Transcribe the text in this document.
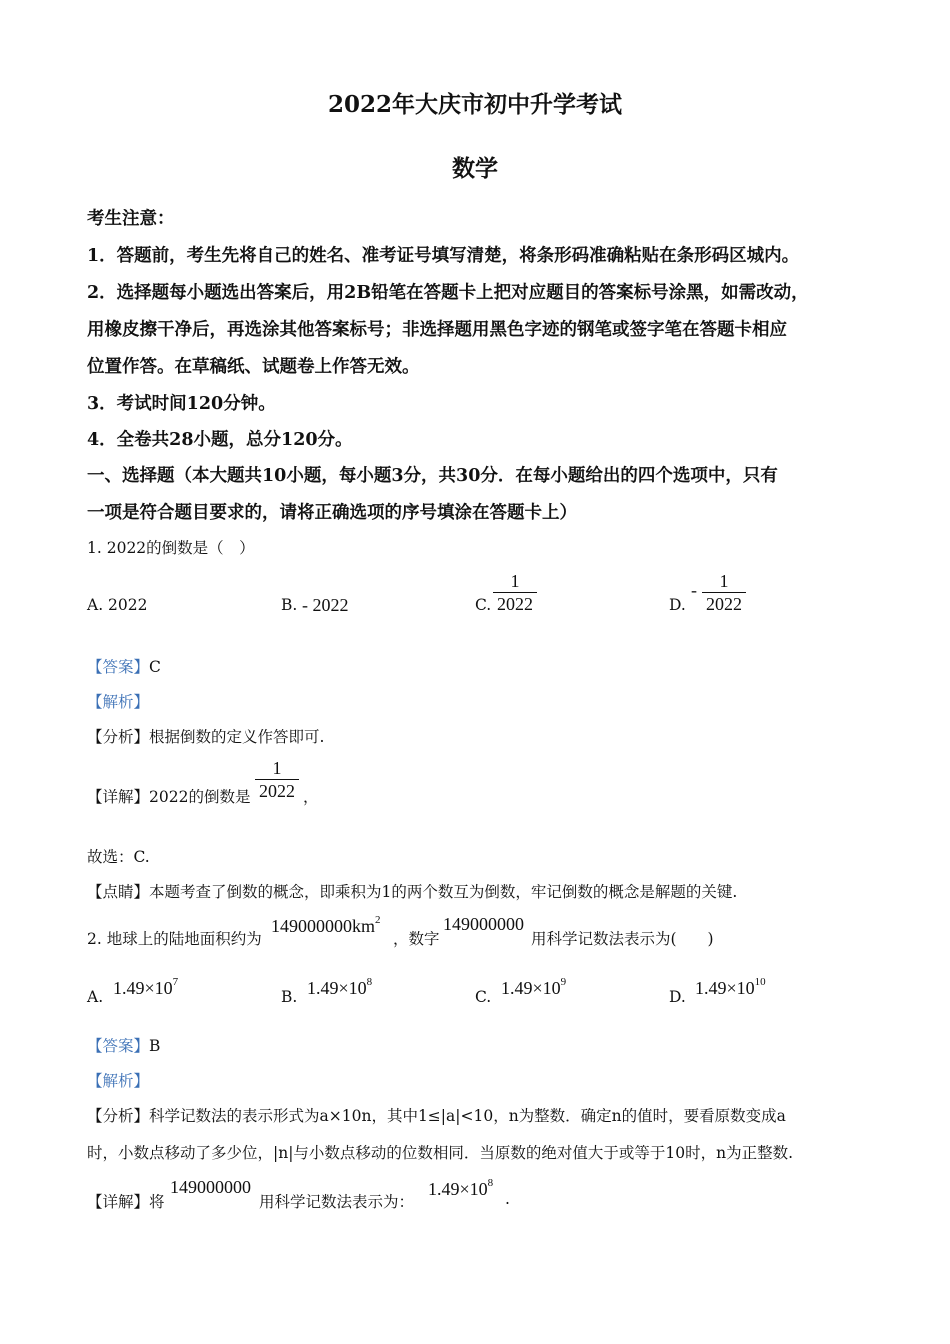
2022年大庆市初中升学考试
数学
考生注意：
1．答题前，考生先将自己的姓名、准考证号填写清楚，将条形码准确粘贴在条形码区城内。
2．选择题每小题选出答案后，用2B铅笔在答题卡上把对应题目的答案标号涂黑，如需改动，
用橡皮擦干净后，再选涂其他答案标号；非选择题用黑色字迹的钢笔或签字笔在答题卡相应
位置作答。在草稿纸、试题卷上作答无效。
3．考试时间120分钟。
4．全卷共28小题，总分120分。
一、选择题（本大题共10小题，每小题3分，共30分．在每小题给出的四个选项中，只有
一项是符合题目要求的，请将正确选项的序号填涂在答题卡上）
1. 2022的倒数是（　）
A. 2022	B. - 2022	C.
1
2022	D.
-	1
2022
【答案】C
【解析】
【分析】根据倒数的定义作答即可.
【详解】2022的倒数是
1
2022 ，
故选：C.
【点睛】本题考查了倒数的概念，即乘积为1的两个数互为倒数，牢记倒数的概念是解题的关键.
2. 地球上的陆地面积约为
$149000000km^2$
，数字
149000000
用科学记数法表示为(　　)
A. $1.49\times 10^7$
B. $1.49\times 10^8$
C. $1.49\times 10^9$
D. $1.49\times 10^{10}$
【答案】B
【解析】
【分析】科学记数法的表示形式为a×10n，其中1≤|a|<10，n为整数．确定n的值时，要看原数变成a
时，小数点移动了多少位，|n|与小数点移动的位数相同．当原数的绝对值大于或等于10时，n为正整数.
【详解】将
149000000
用科学记数法表示为：
$1.49\times 10^8$
.
